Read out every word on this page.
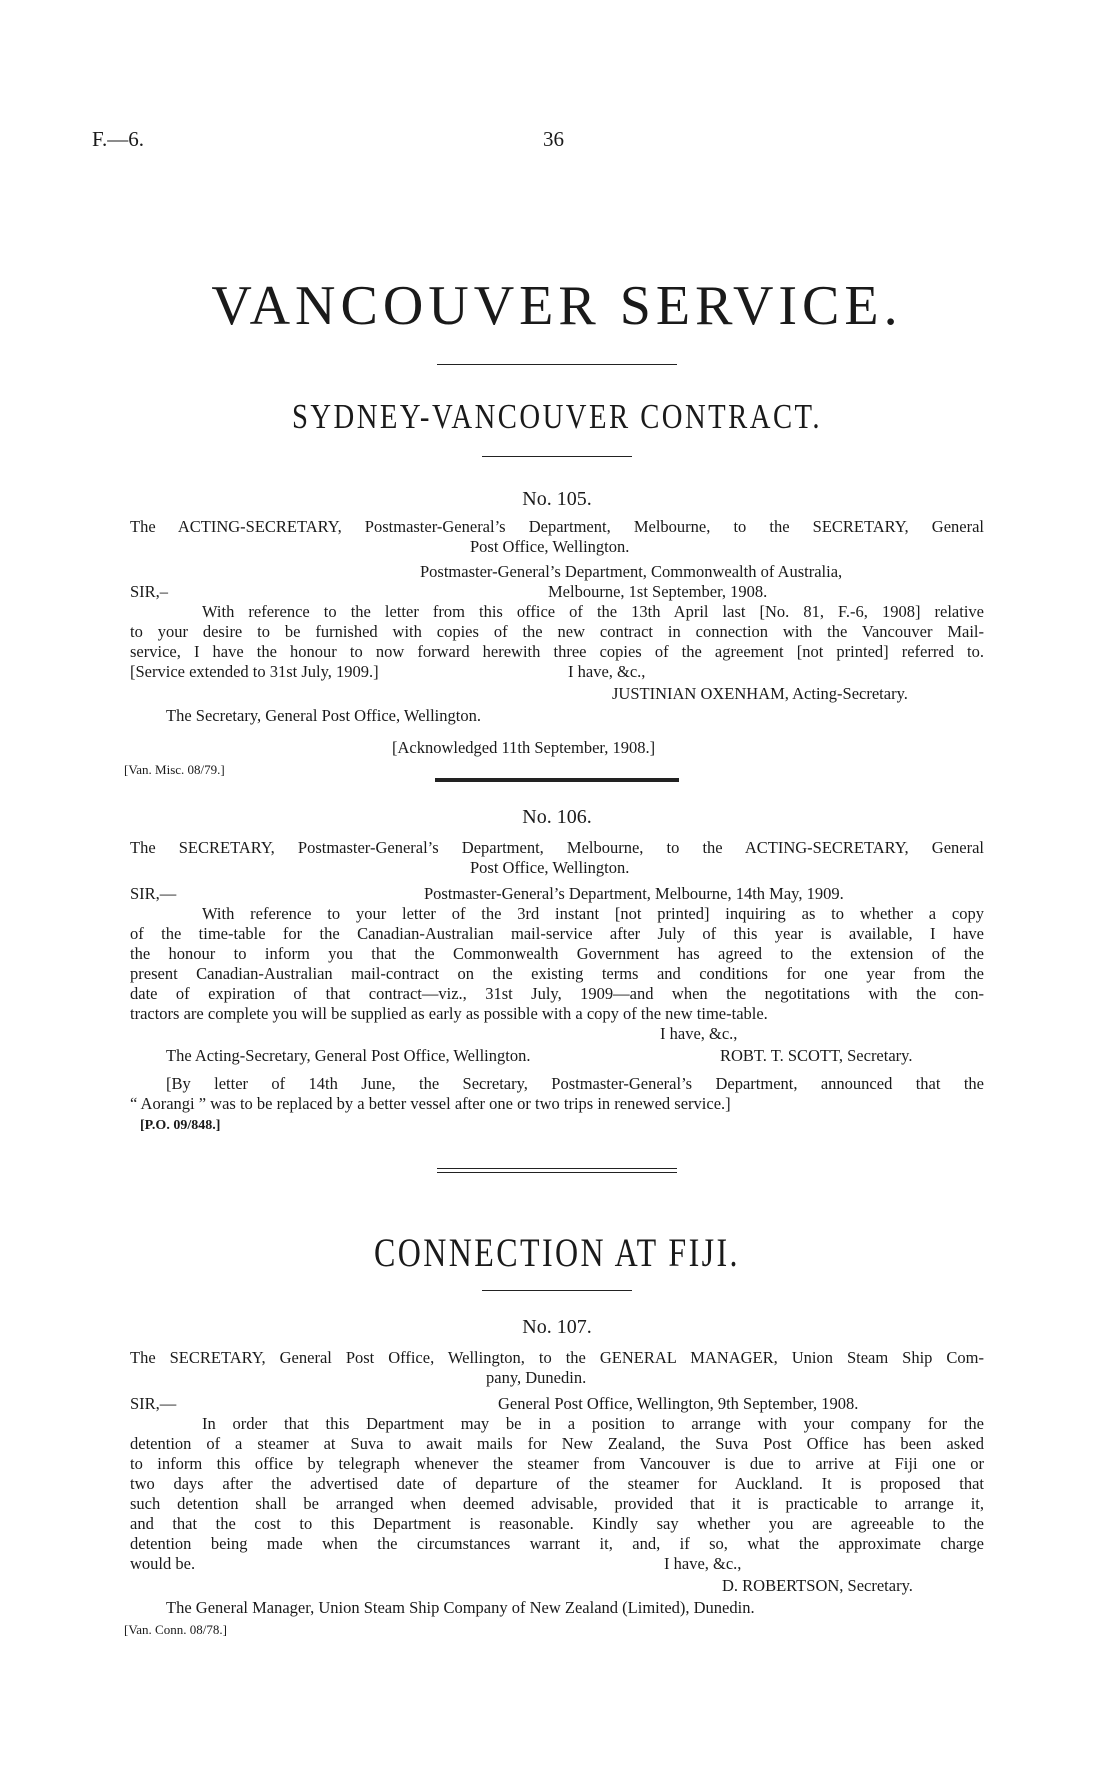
F.—6.	36
VANCOUVER SERVICE.
SYDNEY-VANCOUVER CONTRACT.
No. 105.
The ACTING-SECRETARY, Postmaster-General’s Department, Melbourne, to the SECRETARY, General
Post Office, Wellington.
Postmaster-General’s Department, Commonwealth of Australia,
SIR,–	Melbourne, 1st September, 1908.
With reference to the letter from this office of the 13th April last [No. 81, F.-6, 1908] relative
to your desire to be furnished with copies of the new contract in connection with the Vancouver Mail-
service, I have the honour to now forward herewith three copies of the agreement [not printed] referred to.
[Service extended to 31st July, 1909.]	I have, &c.,
JUSTINIAN OXENHAM, Acting-Secretary.
The Secretary, General Post Office, Wellington.
[Acknowledged 11th September, 1908.]
[Van. Misc. 08/79.]
No. 106.
The SECRETARY, Postmaster-General’s Department, Melbourne, to the ACTING-SECRETARY, General
Post Office, Wellington.
SIR,—	Postmaster-General’s Department, Melbourne, 14th May, 1909.
With reference to your letter of the 3rd instant [not printed] inquiring as to whether a copy
of the time-table for the Canadian-Australian mail-service after July of this year is available, I have
the honour to inform you that the Commonwealth Government has agreed to the extension of the
present Canadian-Australian mail-contract on the existing terms and conditions for one year from the
date of expiration of that contract—viz., 31st July, 1909—and when the negotitations with the con-
tractors are complete you will be supplied as early as possible with a copy of the new time-table.
I have, &c.,
The Acting-Secretary, General Post Office, Wellington.	ROBT. T. SCOTT, Secretary.
[By letter of 14th June, the Secretary, Postmaster-General’s Department, announced that the
“ Aorangi ” was to be replaced by a better vessel after one or two trips in renewed service.]
[P.O. 09/848.]
CONNECTION AT FIJI.
No. 107.
The SECRETARY, General Post Office, Wellington, to the GENERAL MANAGER, Union Steam Ship Com-
pany, Dunedin.
SIR,—	General Post Office, Wellington, 9th September, 1908.
In order that this Department may be in a position to arrange with your company for the
detention of a steamer at Suva to await mails for New Zealand, the Suva Post Office has been asked
to inform this office by telegraph whenever the steamer from Vancouver is due to arrive at Fiji one or
two days after the advertised date of departure of the steamer for Auckland. It is proposed that
such detention shall be arranged when deemed advisable, provided that it is practicable to arrange it,
and that the cost to this Department is reasonable. Kindly say whether you are agreeable to the
detention being made when the circumstances warrant it, and, if so, what the approximate charge
would be.	I have, &c.,
D. ROBERTSON, Secretary.
The General Manager, Union Steam Ship Company of New Zealand (Limited), Dunedin.
[Van. Conn. 08/78.]
